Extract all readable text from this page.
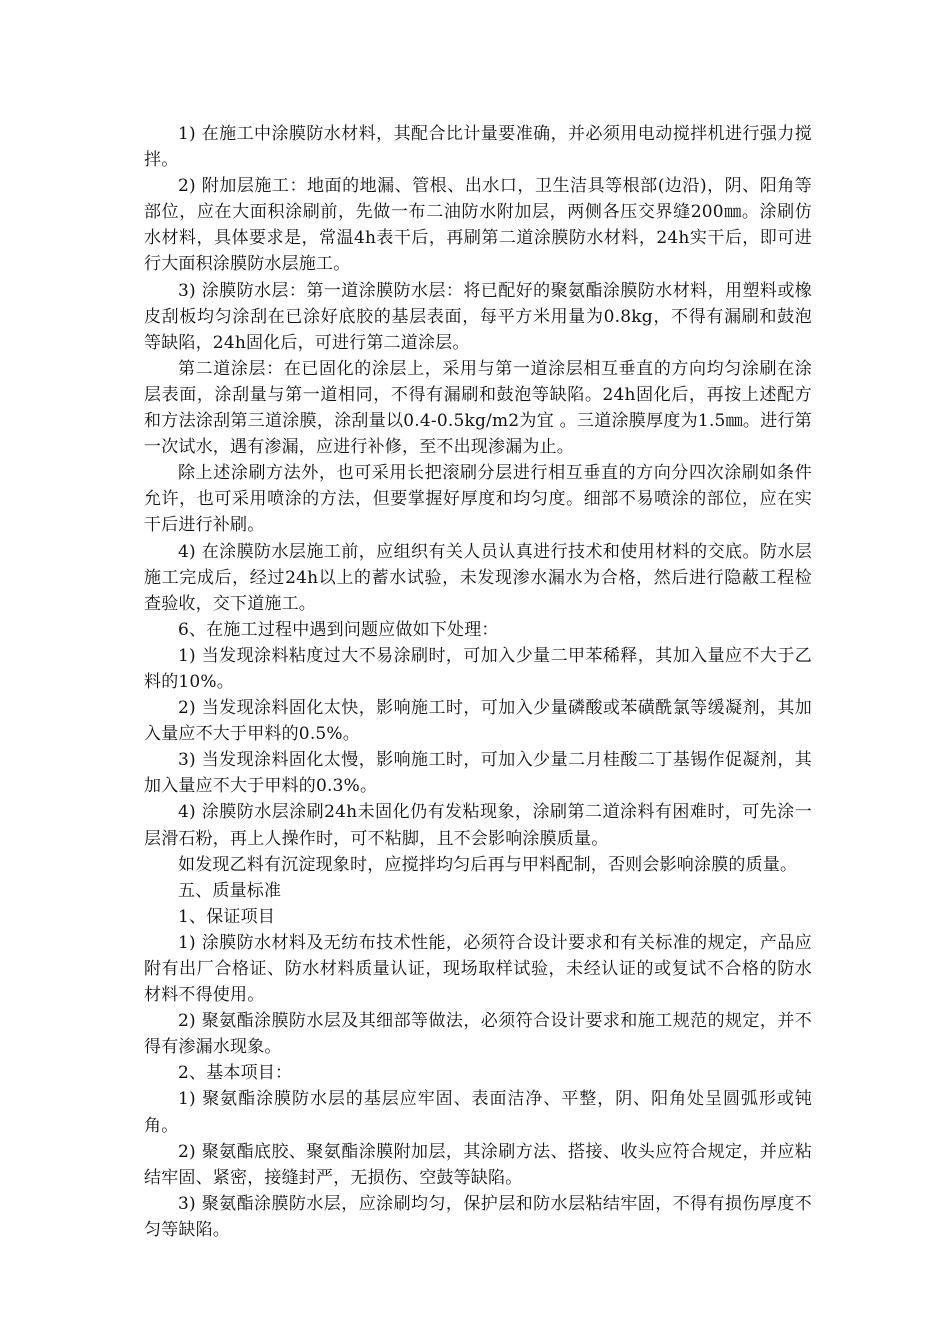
1) 在施工中涂膜防水材料，其配合比计量要准确，并必须用电动搅拌机进行强力搅拌。

2) 附加层施工：地面的地漏、管根、出水口，卫生洁具等根部(边沿)，阴、阳角等部位，应在大面积涂刷前，先做一布二油防水附加层，两侧各压交界缝200㎜。涂刷仿水材料，具体要求是，常温4h表干后，再刷第二道涂膜防水材料，24h实干后，即可进行大面积涂膜防水层施工。

3) 涂膜防水层：第一道涂膜防水层：将已配好的聚氨酯涂膜防水材料，用塑料或橡皮刮板均匀涂刮在已涂好底胶的基层表面，每平方米用量为0.8kg，不得有漏刷和鼓泡等缺陷，24h固化后，可进行第二道涂层。

第二道涂层：在已固化的涂层上，采用与第一道涂层相互垂直的方向均匀涂刷在涂层表面，涂刮量与第一道相同，不得有漏刷和鼓泡等缺陷。24h固化后，再按上述配方和方法涂刮第三道涂膜，涂刮量以0.4-0.5kg/m2为宜 。三道涂膜厚度为1.5㎜。进行第一次试水，遇有渗漏，应进行补修，至不出现渗漏为止。

除上述涂刷方法外，也可采用长把滚刷分层进行相互垂直的方向分四次涂刷如条件允许，也可采用喷涂的方法，但要掌握好厚度和均匀度。细部不易喷涂的部位，应在实干后进行补刷。

4) 在涂膜防水层施工前，应组织有关人员认真进行技术和使用材料的交底。防水层施工完成后，经过24h以上的蓄水试验，未发现渗水漏水为合格，然后进行隐蔽工程检查验收，交下道施工。

6、在施工过程中遇到问题应做如下处理：

1) 当发现涂料粘度过大不易涂刷时，可加入少量二甲苯稀释，其加入量应不大于乙料的10%。

2) 当发现涂料固化太快，影响施工时，可加入少量磷酸或苯磺酰氯等缓凝剂，其加入量应不大于甲料的0.5%。

3) 当发现涂料固化太慢，影响施工时，可加入少量二月桂酸二丁基锡作促凝剂，其加入量应不大于甲料的0.3%。

4) 涂膜防水层涂刷24h未固化仍有发粘现象，涂刷第二道涂料有困难时，可先涂一层滑石粉，再上人操作时，可不粘脚，且不会影响涂膜质量。

如发现乙料有沉淀现象时，应搅拌均匀后再与甲料配制，否则会影响涂膜的质量。

五、质量标准

1、保证项目

1) 涂膜防水材料及无纺布技术性能，必须符合设计要求和有关标准的规定，产品应附有出厂合格证、防水材料质量认证，现场取样试验，未经认证的或复试不合格的防水材料不得使用。

2) 聚氨酯涂膜防水层及其细部等做法，必须符合设计要求和施工规范的规定，并不得有渗漏水现象。

2、基本项目：

1) 聚氨酯涂膜防水层的基层应牢固、表面洁净、平整，阴、阳角处呈圆弧形或钝角。

2) 聚氨酯底胶、聚氨酯涂膜附加层，其涂刷方法、搭接、收头应符合规定，并应粘结牢固、紧密，接缝封严，无损伤、空鼓等缺陷。

3) 聚氨酯涂膜防水层，应涂刷均匀，保护层和防水层粘结牢固，不得有损伤厚度不匀等缺陷。
